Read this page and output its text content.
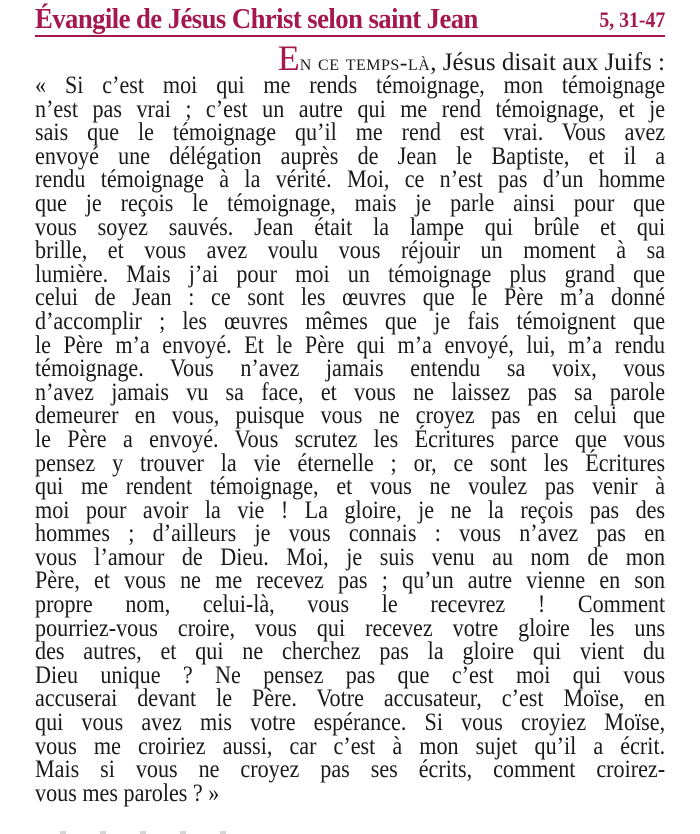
Évangile de Jésus Christ selon saint Jean	5, 31-47
En ce temps-là, Jésus disait aux Juifs :
« Si c’est moi qui me rends témoignage, mon témoignage
n’est pas vrai ; c’est un autre qui me rend témoignage, et je
sais que le témoignage qu’il me rend est vrai. Vous avez
envoyé une délégation auprès de Jean le Baptiste, et il a
rendu témoignage à la vérité. Moi, ce n’est pas d’un homme
que je reçois le témoignage, mais je parle ainsi pour que
vous soyez sauvés. Jean était la lampe qui brûle et qui
brille, et vous avez voulu vous réjouir un moment à sa
lumière. Mais j’ai pour moi un témoignage plus grand que
celui de Jean : ce sont les œuvres que le Père m’a donné
d’accomplir ; les œuvres mêmes que je fais témoignent que
le Père m’a envoyé. Et le Père qui m’a envoyé, lui, m’a rendu
témoignage. Vous n’avez jamais entendu sa voix, vous
n’avez jamais vu sa face, et vous ne laissez pas sa parole
demeurer en vous, puisque vous ne croyez pas en celui que
le Père a envoyé. Vous scrutez les Écritures parce que vous
pensez y trouver la vie éternelle ; or, ce sont les Écritures
qui me rendent témoignage, et vous ne voulez pas venir à
moi pour avoir la vie ! La gloire, je ne la reçois pas des
hommes ; d’ailleurs je vous connais : vous n’avez pas en
vous l’amour de Dieu. Moi, je suis venu au nom de mon
Père, et vous ne me recevez pas ; qu’un autre vienne en son
propre nom, celui-là, vous le recevrez ! Comment
pourriez-vous croire, vous qui recevez votre gloire les uns
des autres, et qui ne cherchez pas la gloire qui vient du
Dieu unique ? Ne pensez pas que c’est moi qui vous
accuserai devant le Père. Votre accusateur, c’est Moïse, en
qui vous avez mis votre espérance. Si vous croyiez Moïse,
vous me croiriez aussi, car c’est à mon sujet qu’il a écrit.
Mais si vous ne croyez pas ses écrits, comment croirez-
vous mes paroles ? »
